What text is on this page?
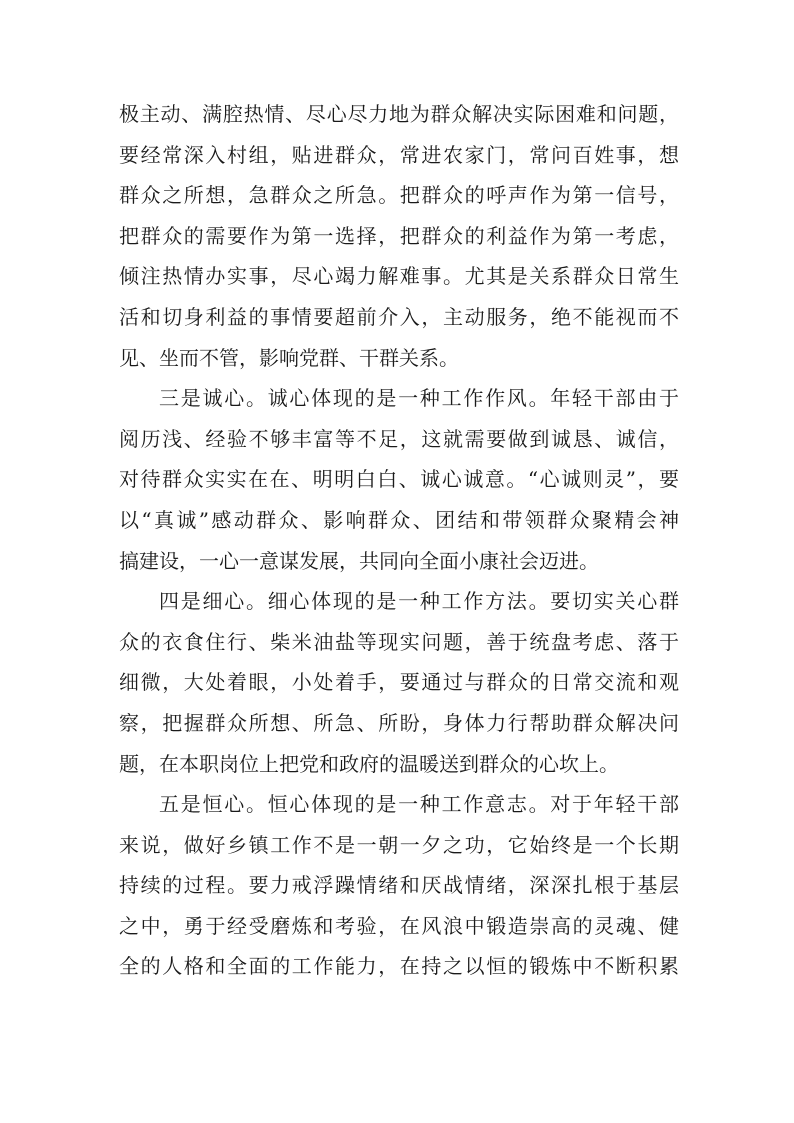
极主动、满腔热情、尽心尽力地为群众解决实际困难和问题，
要经常深入村组，贴进群众，常进农家门，常问百姓事，想
群众之所想，急群众之所急。把群众的呼声作为第一信号，
把群众的需要作为第一选择，把群众的利益作为第一考虑，
倾注热情办实事，尽心竭力解难事。尤其是关系群众日常生
活和切身利益的事情要超前介入，主动服务，绝不能视而不
见、坐而不管，影响党群、干群关系。
三是诚心。诚心体现的是一种工作作风。年轻干部由于
阅历浅、经验不够丰富等不足，这就需要做到诚恳、诚信，
对待群众实实在在、明明白白、诚心诚意。“心诚则灵”，要
以“真诚”感动群众、影响群众、团结和带领群众聚精会神
搞建设，一心一意谋发展，共同向全面小康社会迈进。
四是细心。细心体现的是一种工作方法。要切实关心群
众的衣食住行、柴米油盐等现实问题，善于统盘考虑、落于
细微，大处着眼，小处着手，要通过与群众的日常交流和观
察，把握群众所想、所急、所盼，身体力行帮助群众解决问
题，在本职岗位上把党和政府的温暖送到群众的心坎上。
五是恒心。恒心体现的是一种工作意志。对于年轻干部
来说，做好乡镇工作不是一朝一夕之功，它始终是一个长期
持续的过程。要力戒浮躁情绪和厌战情绪，深深扎根于基层
之中，勇于经受磨炼和考验，在风浪中锻造崇高的灵魂、健
全的人格和全面的工作能力，在持之以恒的锻炼中不断积累
